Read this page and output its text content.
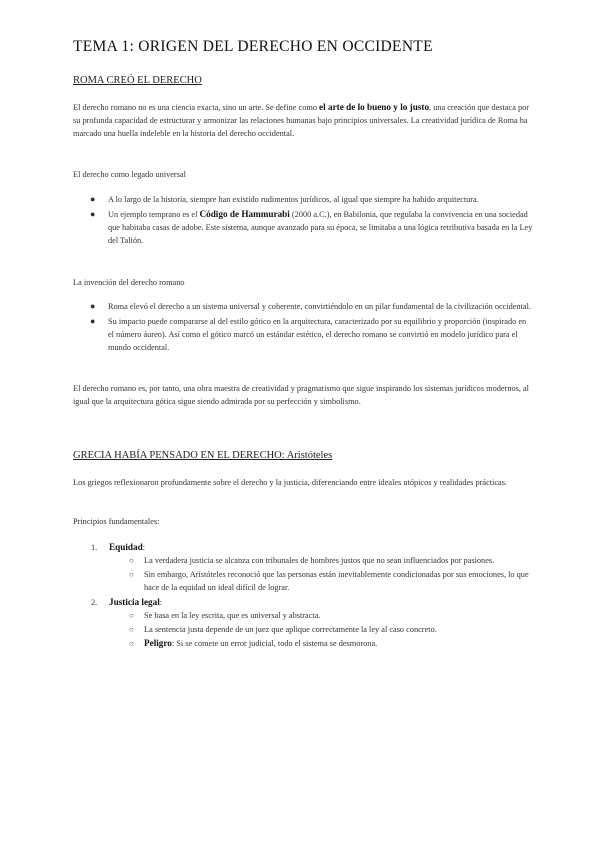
TEMA 1: ORIGEN DEL DERECHO EN OCCIDENTE
ROMA CREÓ EL DERECHO

El derecho romano no es una ciencia exacta, sino un arte. Se define como el arte de lo bueno y lo justo, una creación que destaca por su profunda capacidad de estructurar y armonizar las relaciones humanas bajo principios universales. La creatividad jurídica de Roma ha marcado una huella indeleble en la historia del derecho occidental.

El derecho como legado universal

● A lo largo de la historia, siempre han existido rudimentos jurídicos, al igual que siempre ha habido arquitectura.
● Un ejemplo temprano es el Código de Hammurabi (2000 a.C.), en Babilonia, que regulaba la convivencia en una sociedad que habitaba casas de adobe. Este sistema, aunque avanzado para su época, se limitaba a una lógica retributiva basada en la Ley del Talión.

La invención del derecho romano

● Roma elevó el derecho a un sistema universal y coherente, convirtiéndolo en un pilar fundamental de la civilización occidental.
● Su impacto puede compararse al del estilo gótico en la arquitectura, caracterizado por su equilibrio y proporción (inspirado en el número áureo). Así como el gótico marcó un estándar estético, el derecho romano se convirtió en modelo jurídico para el mundo occidental.

El derecho romano es, por tanto, una obra maestra de creatividad y pragmatismo que sigue inspirando los sistemas jurídicos modernos, al igual que la arquitectura gótica sigue siendo admirada por su perfección y simbolismo.

GRECIA HABÍA PENSADO EN EL DERECHO: Aristóteles

Los griegos reflexionaron profundamente sobre el derecho y la justicia, diferenciando entre ideales utópicos y realidades prácticas.

Principios fundamentales:

1. Equidad:
○ La verdadera justicia se alcanza con tribunales de hombres justos que no sean influenciados por pasiones.
○ Sin embargo, Aristóteles reconoció que las personas están inevitablemente condicionadas por sus emociones, lo que hace de la equidad un ideal difícil de lograr.
2. Justicia legal:
○ Se basa en la ley escrita, que es universal y abstracta.
○ La sentencia justa depende de un juez que aplique correctamente la ley al caso concreto.
○ Peligro: Si se comete un error judicial, todo el sistema se desmorona.
